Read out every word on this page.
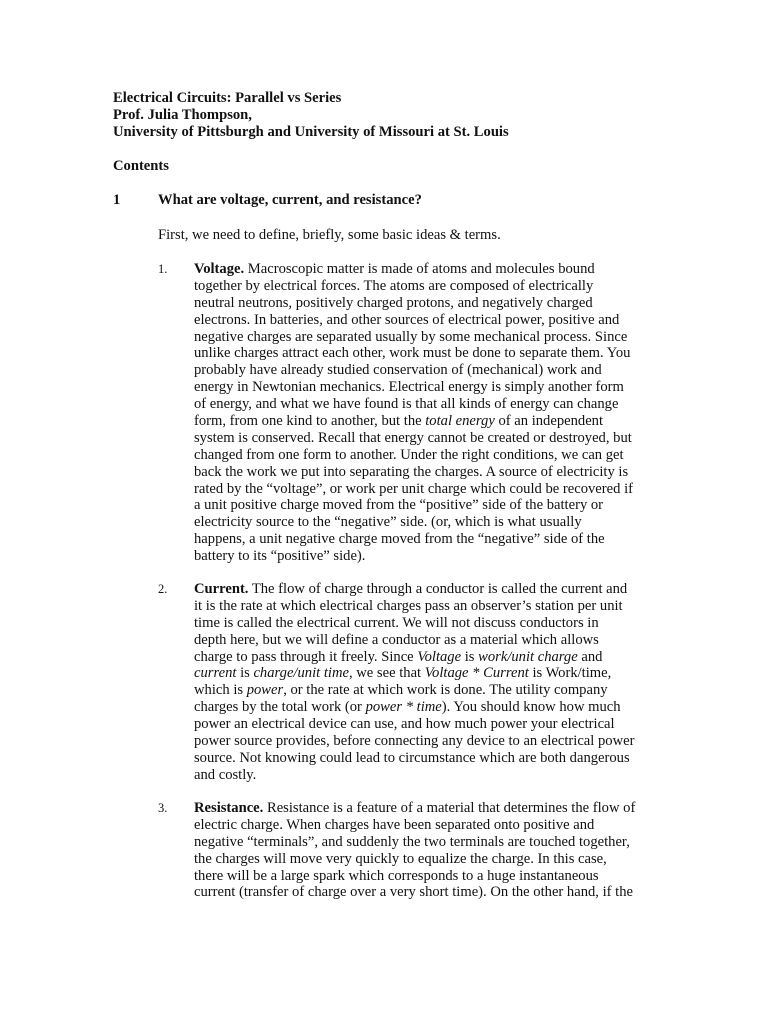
Electrical Circuits: Parallel vs Series
Prof. Julia Thompson,
University of Pittsburgh and University of Missouri at St. Louis
Contents
1	What are voltage, current, and resistance?
First, we need to define, briefly, some basic ideas & terms.
1. Voltage. Macroscopic matter is made of atoms and molecules bound
together by electrical forces. The atoms are composed of electrically
neutral neutrons, positively charged protons, and negatively charged
electrons. In batteries, and other sources of electrical power, positive and
negative charges are separated usually by some mechanical process. Since
unlike charges attract each other, work must be done to separate them. You
probably have already studied conservation of (mechanical) work and
energy in Newtonian mechanics. Electrical energy is simply another form
of energy, and what we have found is that all kinds of energy can change
form, from one kind to another, but the total energy of an independent
system is conserved. Recall that energy cannot be created or destroyed, but
changed from one form to another. Under the right conditions, we can get
back the work we put into separating the charges. A source of electricity is
rated by the “voltage”, or work per unit charge which could be recovered if
a unit positive charge moved from the “positive” side of the battery or
electricity source to the “negative” side. (or, which is what usually
happens, a unit negative charge moved from the “negative” side of the
battery to its “positive” side).
2. Current. The flow of charge through a conductor is called the current and
it is the rate at which electrical charges pass an observer’s station per unit
time is called the electrical current. We will not discuss conductors in
depth here, but we will define a conductor as a material which allows
charge to pass through it freely. Since Voltage is work/unit charge and
current is charge/unit time, we see that Voltage * Current is Work/time,
which is power, or the rate at which work is done. The utility company
charges by the total work (or power * time). You should know how much
power an electrical device can use, and how much power your electrical
power source provides, before connecting any device to an electrical power
source. Not knowing could lead to circumstance which are both dangerous
and costly.
3. Resistance. Resistance is a feature of a material that determines the flow of
electric charge. When charges have been separated onto positive and
negative “terminals”, and suddenly the two terminals are touched together,
the charges will move very quickly to equalize the charge. In this case,
there will be a large spark which corresponds to a huge instantaneous
current (transfer of charge over a very short time). On the other hand, if the
